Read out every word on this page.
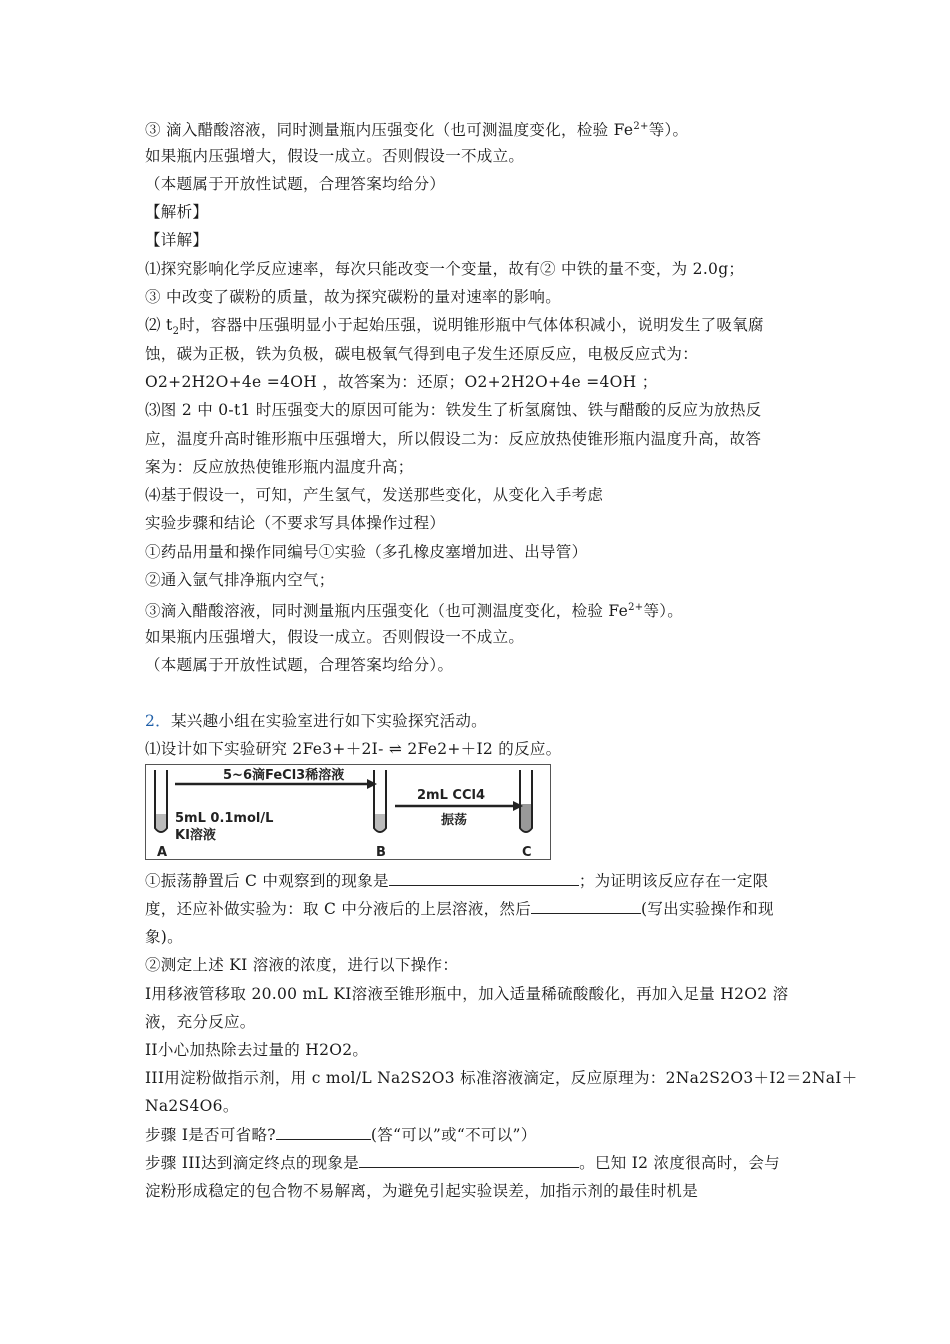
③ 滴入醋酸溶液，同时测量瓶内压强变化（也可测温度变化，检验 $Fe^{2+}$等）。
如果瓶内压强增大，假设一成立。否则假设一不成立。
（本题属于开放性试题，合理答案均给分）
【解析】
【详解】
⑴探究影响化学反应速率，每次只能改变一个变量，故有② 中铁的量不变，为 2.0g；
③ 中改变了碳粉的质量，故为探究碳粉的量对速率的影响。
⑵ $t_2$时，容器中压强明显小于起始压强，说明锥形瓶中气体体积减小，说明发生了吸氧腐
蚀，碳为正极，铁为负极，碳电极氧气得到电子发生还原反应，电极反应式为：
O2+2H2O+4e =4OH ，故答案为：还原；O2+2H2O+4e =4OH ；
⑶图 2 中 0-t1 时压强变大的原因可能为：铁发生了析氢腐蚀、铁与醋酸的反应为放热反
应，温度升高时锥形瓶中压强增大，所以假设二为：反应放热使锥形瓶内温度升高，故答
案为：反应放热使锥形瓶内温度升高；
⑷基于假设一，可知，产生氢气，发送那些变化，从变化入手考虑
实验步骤和结论（不要求写具体操作过程）
①药品用量和操作同编号①实验（多孔橡皮塞增加进、出导管）
②通入氩气排净瓶内空气；
③滴入醋酸溶液，同时测量瓶内压强变化（也可测温度变化，检验 $Fe^{2+}$等）。
如果瓶内压强增大，假设一成立。否则假设一不成立。
（本题属于开放性试题，合理答案均给分）。
2．某兴趣小组在实验室进行如下实验探究活动。
⑴设计如下实验研究 2Fe3+＋2I- ⇌ 2Fe2+＋I2 的反应。
5~6滴FeCl3稀溶液
2mL CCl4
振荡
5mL 0.1mol/L
KI溶液
A	B	C
①振荡静置后 C 中观察到的现象是	；为证明该反应存在一定限
度，还应补做实验为：取 C 中分液后的上层溶液，然后	(写出实验操作和现
象)。
②测定上述 KI 溶液的浓度，进行以下操作：
I用移液管移取 20.00 mL KI溶液至锥形瓶中，加入适量稀硫酸酸化，再加入足量 H2O2 溶
液，充分反应。
II小心加热除去过量的 H2O2。
III用淀粉做指示剂，用 c mol/L Na2S2O3 标准溶液滴定，反应原理为：2Na2S2O3＋I2＝2NaI＋
Na2S4O6。
步骤 I是否可省略?	(答“可以”或“不可以”）
步骤 III达到滴定终点的现象是	。巳知 I2 浓度很高时，会与
淀粉形成稳定的包合物不易解离，为避免引起实验误差，加指示剂的最佳时机是
